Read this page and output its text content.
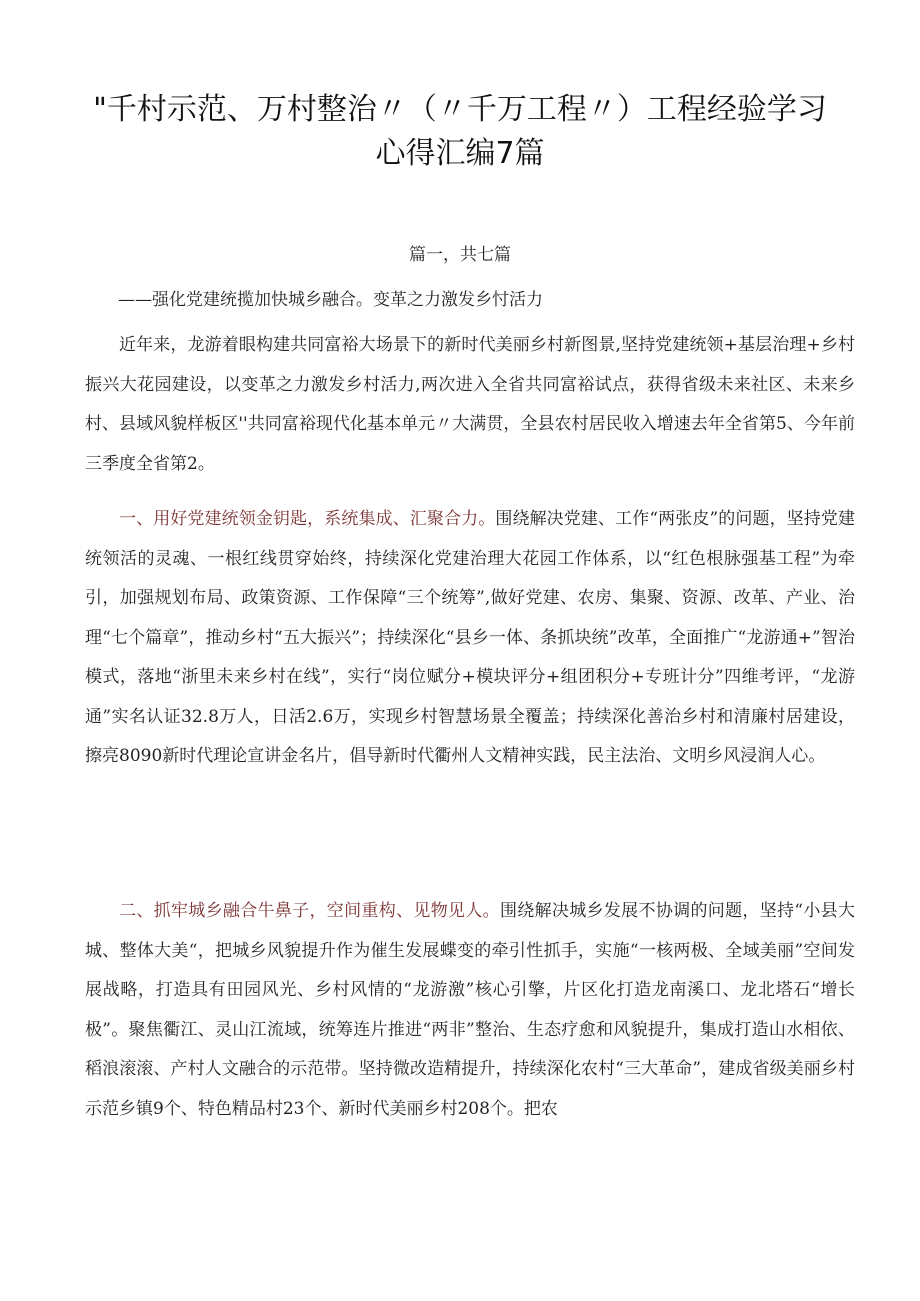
"千村示范、万村整治〃（〃千万工程〃）工程经验学习心得汇编7篇

篇一，共七篇

——强化党建统揽加快城乡融合。变革之力激发乡忖活力

近年来，龙游着眼构建共同富裕大场景下的新时代美丽乡村新图景,坚持党建统领+基层治理+乡村振兴大花园建设，以变革之力激发乡村活力,两次进入全省共同富裕试点，获得省级未来社区、未来乡村、县域风貌样板区''共同富裕现代化基本单元〃大满贯，全县农村居民收入增速去年全省第5、今年前三季度全省第2。

一、用好党建统领金钥匙，系统集成、汇聚合力。围绕解决党建、工作“两张皮”的问题，坚持党建统领活的灵魂、一根红线贯穿始终，持续深化党建治理大花园工作体系，以“红色根脉强基工程”为牵引，加强规划布局、政策资源、工作保障“三个统筹”,做好党建、农房、集聚、资源、改革、产业、治理“七个篇章”，推动乡村“五大振兴”；持续深化“县乡一体、条抓块统”改革，全面推广“龙游通+”智治模式，落地“浙里未来乡村在线”，实行“岗位赋分+模块评分+组团积分+专班计分”四维考评，“龙游通”实名认证32.8万人，日活2.6万，实现乡村智慧场景全覆盖；持续深化善治乡村和清廉村居建设，擦亮8090新时代理论宣讲金名片，倡导新时代衢州人文精神实践，民主法治、文明乡风浸润人心。

二、抓牢城乡融合牛鼻子，空间重构、见物见人。围绕解决城乡发展不协调的问题，坚持“小县大城、整体大美“，把城乡风貌提升作为催生发展蝶变的牵引性抓手，实施“一核两极、全域美丽”空间发展战略，打造具有田园风光、乡村风情的“龙游激”核心引擎，片区化打造龙南溪口、龙北塔石“增长极”。聚焦衢江、灵山江流域，统筹连片推进“两非”整治、生态疗愈和风貌提升，集成打造山水相依、稻浪滚滚、产村人文融合的示范带。坚持微改造精提升，持续深化农村“三大革命”，建成省级美丽乡村示范乡镇9个、特色精品村23个、新时代美丽乡村208个。把农
